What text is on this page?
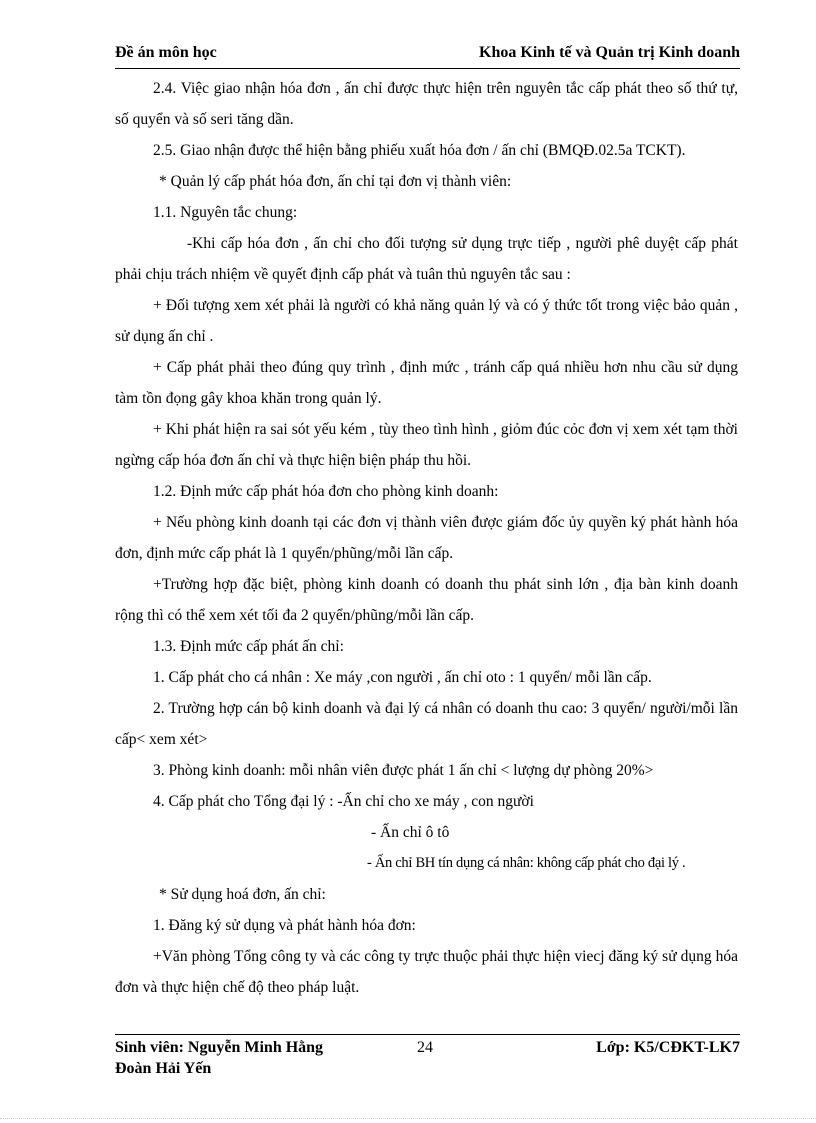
Đề án môn học	Khoa Kinh tế và Quản trị Kinh doanh

2.4. Việc giao nhận hóa đơn , ấn chỉ được thực hiện trên nguyên tắc cấp phát theo số thứ tự, số quyển và số seri tăng dần.

2.5. Giao nhận được thể hiện bằng phiếu xuất hóa đơn / ấn chỉ (BMQĐ.02.5a TCKT).

* Quản lý cấp phát hóa đơn, ấn chỉ tại đơn vị thành viên:

1.1. Nguyên tắc chung:

-Khi cấp hóa đơn , ấn chỉ cho đối tượng sử dụng trực tiếp , người phê duyệt cấp phát phải chịu trách nhiệm về quyết định cấp phát và tuân thủ nguyên tắc sau :

+ Đối tượng xem xét phải là người có khả năng quản lý và có ý thức tốt trong việc bảo quản , sử dụng ấn chỉ .

+ Cấp phát phải theo đúng quy trình , định mức , tránh cấp quá nhiều hơn nhu cầu sử dụng tàm tồn đọng gây khoa khăn trong quản lý.

+ Khi phát hiện ra sai sót yếu kém , tùy theo tình hình , giỏm đúc cỏc đơn vị xem xét tạm thời ngừng cấp hóa đơn ấn chỉ và thực hiện biện pháp thu hồi.

1.2. Định mức cấp phát hóa đơn cho phòng kinh doanh:

+ Nếu phòng kinh doanh tại các đơn vị thành viên được giám đốc ủy quyền ký phát hành hóa đơn, định mức cấp phát là 1 quyển/phũng/mỗi lần cấp.

+Trường hợp đặc biệt, phòng kinh doanh có doanh thu phát sinh lớn , địa bàn kinh doanh rộng thì có thể xem xét tối đa 2 quyển/phũng/mỗi lần cấp.

1.3. Định mức cấp phát ấn chỉ:

1. Cấp phát cho cá nhân : Xe máy ,con người , ấn chỉ oto : 1 quyển/ mỗi lần cấp.

2. Trường hợp cán bộ kinh doanh và đại lý cá nhân có doanh thu cao: 3 quyển/ người/mỗi lần cấp< xem xét>

3. Phòng kinh doanh: mỗi nhân viên được phát 1 ấn chỉ < lượng dự phòng 20%>

4. Cấp phát cho Tổng đại lý : -Ấn chỉ cho xe máy , con người

- Ấn chỉ ô tô

- Ấn chỉ BH tín dụng cá nhân: không cấp phát cho đại lý .

* Sử dụng hoá đơn, ấn chỉ:

1. Đăng ký sử dụng và phát hành hóa đơn:

+Văn phòng Tổng công ty và các công ty trực thuộc phải thực hiện viecj đăng ký sử dụng hóa đơn và thực hiện chế độ theo pháp luật.

Sinh viên: Nguyễn Minh Hằng
Đoàn Hải Yến
24	Lớp: K5/CĐKT-LK7
